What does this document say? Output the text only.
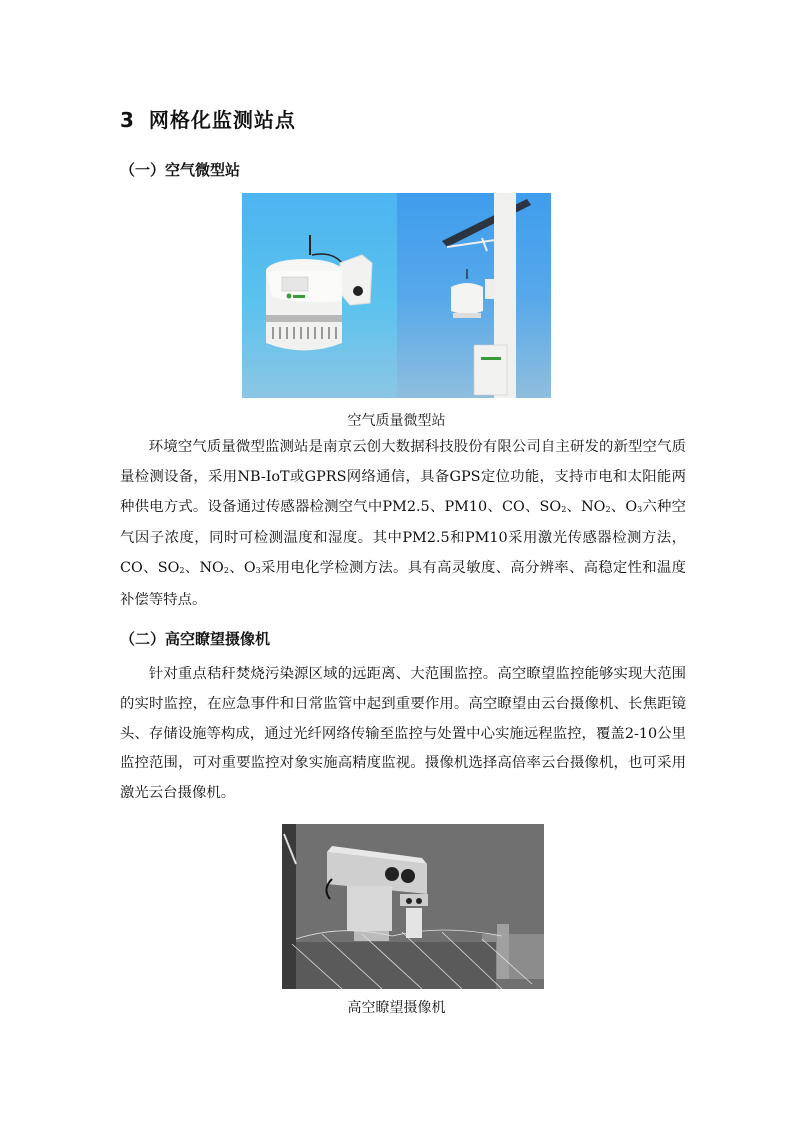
3 网格化监测站点
（一）空气微型站
空气质量微型站

环境空气质量微型监测站是南京云创大数据科技股份有限公司自主研发的新型空气质量检测设备，采用NB-IoT或GPRS网络通信，具备GPS定位功能，支持市电和太阳能两种供电方式。设备通过传感器检测空气中PM2.5、PM10、CO、$SO_2$、$NO_2$、$O_3$六种空气因子浓度，同时可检测温度和湿度。其中PM2.5和PM10采用激光传感器检测方法，CO、$SO_2$、$NO_2$、$O_3$采用电化学检测方法。具有高灵敏度、高分辨率、高稳定性和温度补偿等特点。

（二）高空瞭望摄像机

针对重点秸秆焚烧污染源区域的远距离、大范围监控。高空瞭望监控能够实现大范围的实时监控，在应急事件和日常监管中起到重要作用。高空瞭望由云台摄像机、长焦距镜头、存储设施等构成，通过光纤网络传输至监控与处置中心实施远程监控，覆盖2-10公里监控范围，可对重要监控对象实施高精度监视。摄像机选择高倍率云台摄像机，也可采用激光云台摄像机。

高空瞭望摄像机
